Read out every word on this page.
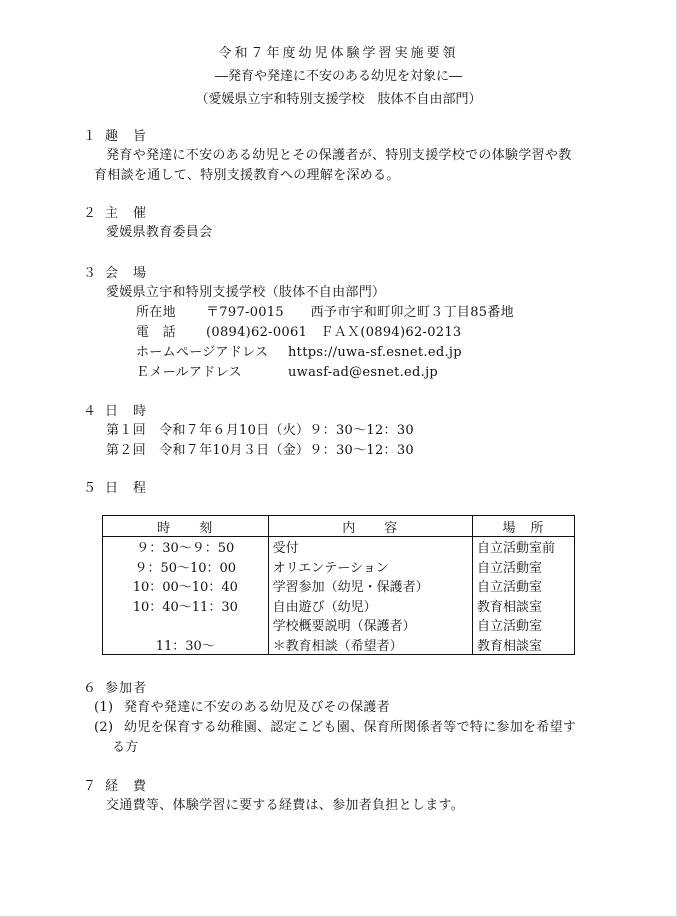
令和７年度幼児体験学習実施要領
―発育や発達に不安のある幼児を対象に―
（愛媛県立宇和特別支援学校　肢体不自由部門）
１ 趣　旨
発育や発達に不安のある幼児とその保護者が、特別支援学校での体験学習や教
育相談を通して、特別支援教育への理解を深める。
２ 主　催
愛媛県教育委員会
３ 会　場
愛媛県立宇和特別支援学校（肢体不自由部門）
所在地 〒797-0015　　西予市宇和町卯之町３丁目85番地
電　話 (0894)62-0061　ＦＡＸ(0894)62-0213
ホームページアドレス https://uwa-sf.esnet.ed.jp
Ｅメールアドレス	uwasf-ad@esnet.ed.jp
４ 日　時
第１回　令和７年６月10日（火）９：30～12：30
第２回　令和７年10月３日（金）９：30～12：30
５ 日　程
時　　刻	内　　容	場　所
９：30～９：50	受付	自立活動室前
９：50～10：00	オリエンテーション	自立活動室
10：00～10：40	学習参加（幼児・保護者）	自立活動室
10：40～11：30	自由遊び（幼児）	教育相談室
	学校概要説明（保護者）	自立活動室
11：30～	＊教育相談（希望者）	教育相談室
６ 参加者
(1) 発育や発達に不安のある幼児及びその保護者
(2) 幼児を保育する幼稚園、認定こども園、保育所関係者等で特に参加を希望す
る方
７ 経　費
交通費等、体験学習に要する経費は、参加者負担とします。
